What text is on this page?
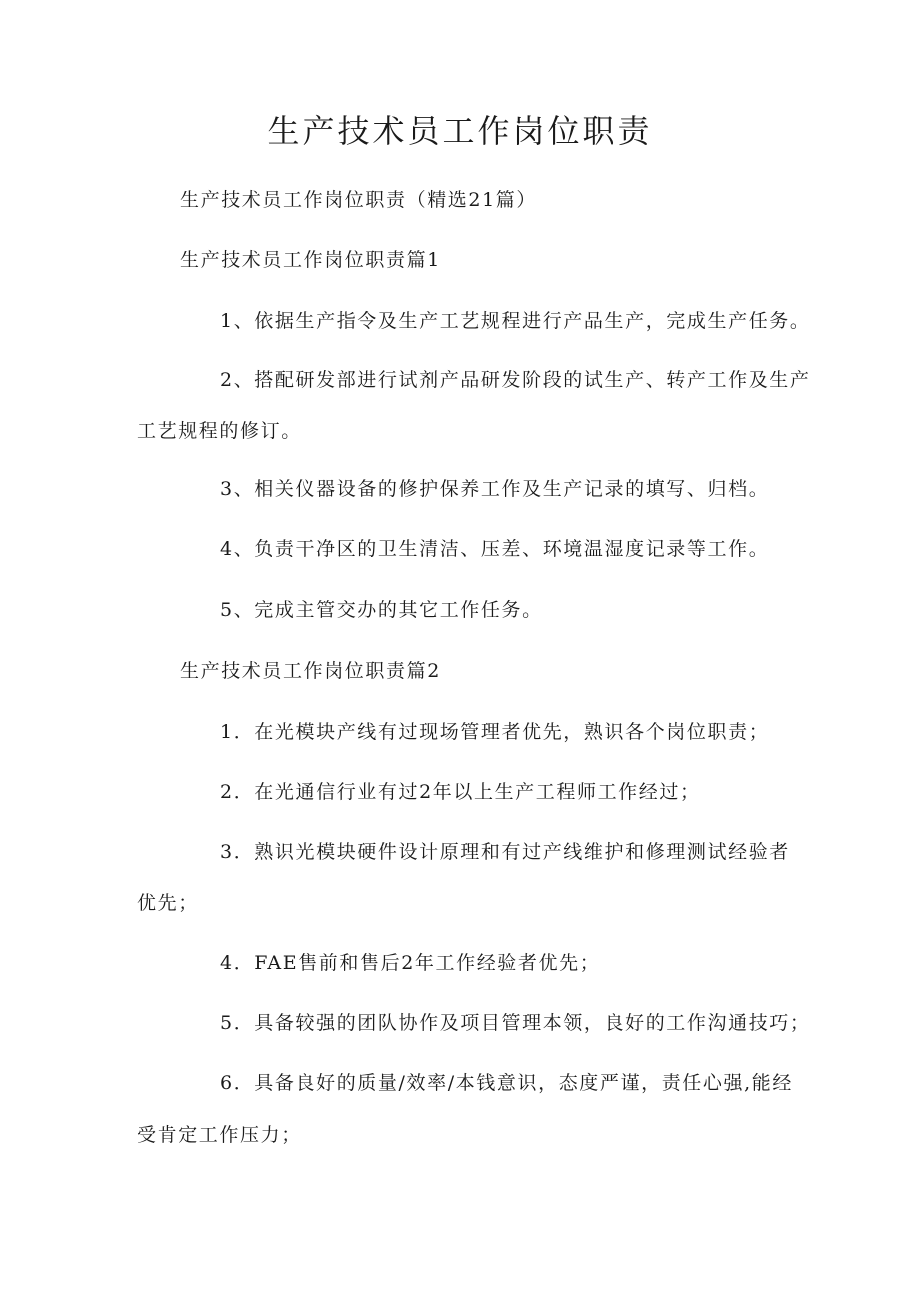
生产技术员工作岗位职责

生产技术员工作岗位职责（精选21篇）

生产技术员工作岗位职责篇1

1、依据生产指令及生产工艺规程进行产品生产，完成生产任务。

2、搭配研发部进行试剂产品研发阶段的试生产、转产工作及生产

工艺规程的修订。

3、相关仪器设备的修护保养工作及生产记录的填写、归档。

4、负责干净区的卫生清洁、压差、环境温湿度记录等工作。

5、完成主管交办的其它工作任务。

生产技术员工作岗位职责篇2

1．在光模块产线有过现场管理者优先，熟识各个岗位职责；

2．在光通信行业有过2年以上生产工程师工作经过；

3．熟识光模块硬件设计原理和有过产线维护和修理测试经验者

优先；

4．FAE售前和售后2年工作经验者优先；

5．具备较强的团队协作及项目管理本领，良好的工作沟通技巧；

6．具备良好的质量/效率/本钱意识，态度严谨，责任心强,能经

受肯定工作压力；
